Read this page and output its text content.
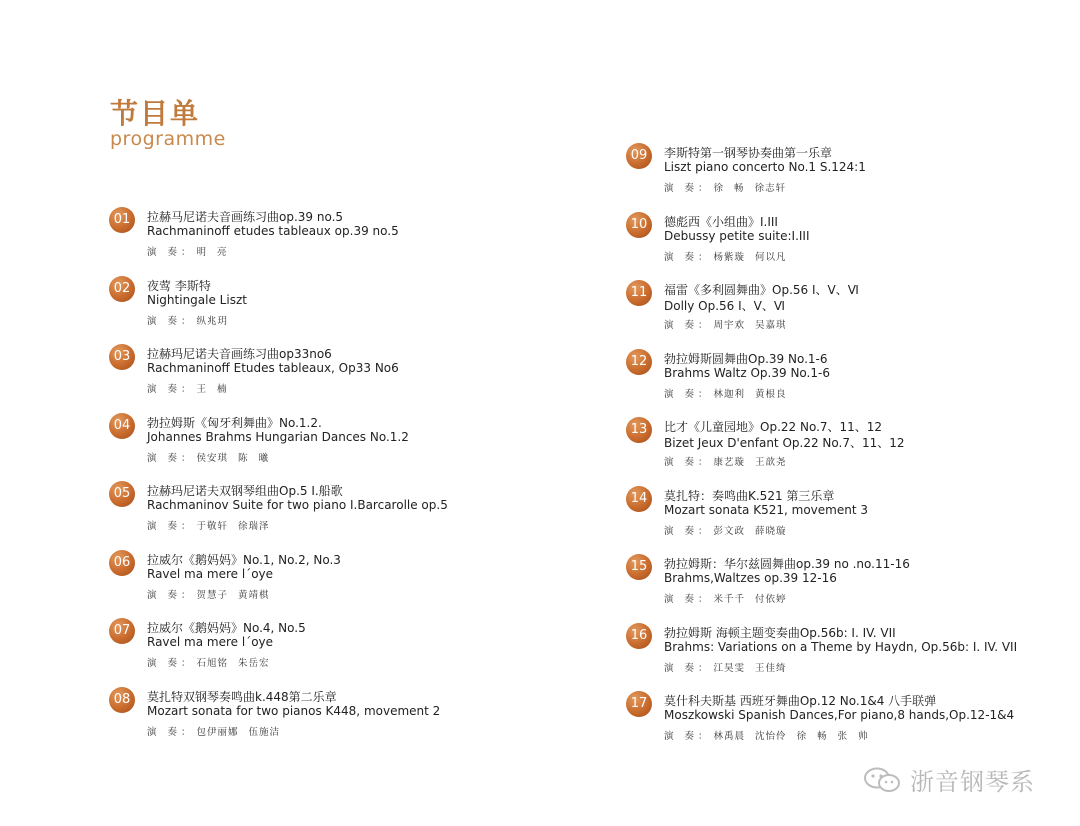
节目单
programme
01	拉赫马尼诺夫音画练习曲op.39 no.5
Rachmaninoff etudes tableaux op.39 no.5
演 奏： 明 亮
02	夜莺 李斯特
Nightingale Liszt
演 奏： 纵兆玥
03	拉赫玛尼诺夫音画练习曲op33no6
Rachmaninoff Etudes tableaux, Op33 No6
演 奏： 王 楠
04	勃拉姆斯《匈牙利舞曲》No.1.2.
Johannes Brahms Hungarian Dances No.1.2
演 奏： 侯安琪 陈 曦
05	拉赫玛尼诺夫双钢琴组曲Op.5 I.船歌
Rachmaninov Suite for two piano I.Barcarolle op.5
演 奏： 于敬轩 徐瑞泽
06	拉威尔《鹅妈妈》No.1, No.2, No.3
Ravel ma mere l´oye
演 奏： 贺慧子 黄靖棋
07	拉威尔《鹅妈妈》No.4, No.5
Ravel ma mere l´oye
演 奏： 石旭铭 朱岳宏
08	莫扎特双钢琴奏鸣曲k.448第二乐章
Mozart sonata for two pianos K448, movement 2
演 奏： 包伊丽娜 伍施洁
09	李斯特第一钢琴协奏曲第一乐章
Liszt piano concerto No.1 S.124:1
演 奏： 徐 畅 徐志轩
10	德彪西《小组曲》I.III
Debussy petite suite:I.III
演 奏： 杨紫璇 何以凡
11	福雷《多利圆舞曲》Op.56 Ⅰ、Ⅴ、Ⅵ
Dolly Op.56 Ⅰ、Ⅴ、Ⅵ
演 奏： 周宇欢 吴嘉琪
12	勃拉姆斯圆舞曲Op.39 No.1-6
Brahms Waltz Op.39 No.1-6
演 奏： 林迦利 黄根良
13	比才《儿童园地》Op.22 No.7、11、12
Bizet Jeux D'enfant Op.22 No.7、11、12
演 奏： 康艺璇 王歆尧
14	莫扎特：奏鸣曲K.521 第三乐章
Mozart sonata K521, movement 3
演 奏： 彭文政 薛晓璇
15	勃拉姆斯：华尔兹圆舞曲op.39 no .no.11-16
Brahms,Waltzes op.39 12-16
演 奏： 米千千 付依婷
16	勃拉姆斯 海顿主题变奏曲Op.56b: I. IV. VII
Brahms: Variations on a Theme by Haydn, Op.56b: I. IV. VII
演 奏： 江昊雯 王佳绮
17	莫什科夫斯基 西班牙舞曲Op.12 No.1&4 八手联弹
Moszkowski Spanish Dances,For piano,8 hands,Op.12-1&4
演 奏： 林禹晨 沈怡伶 徐 畅 张 帅
浙音钢琴系
